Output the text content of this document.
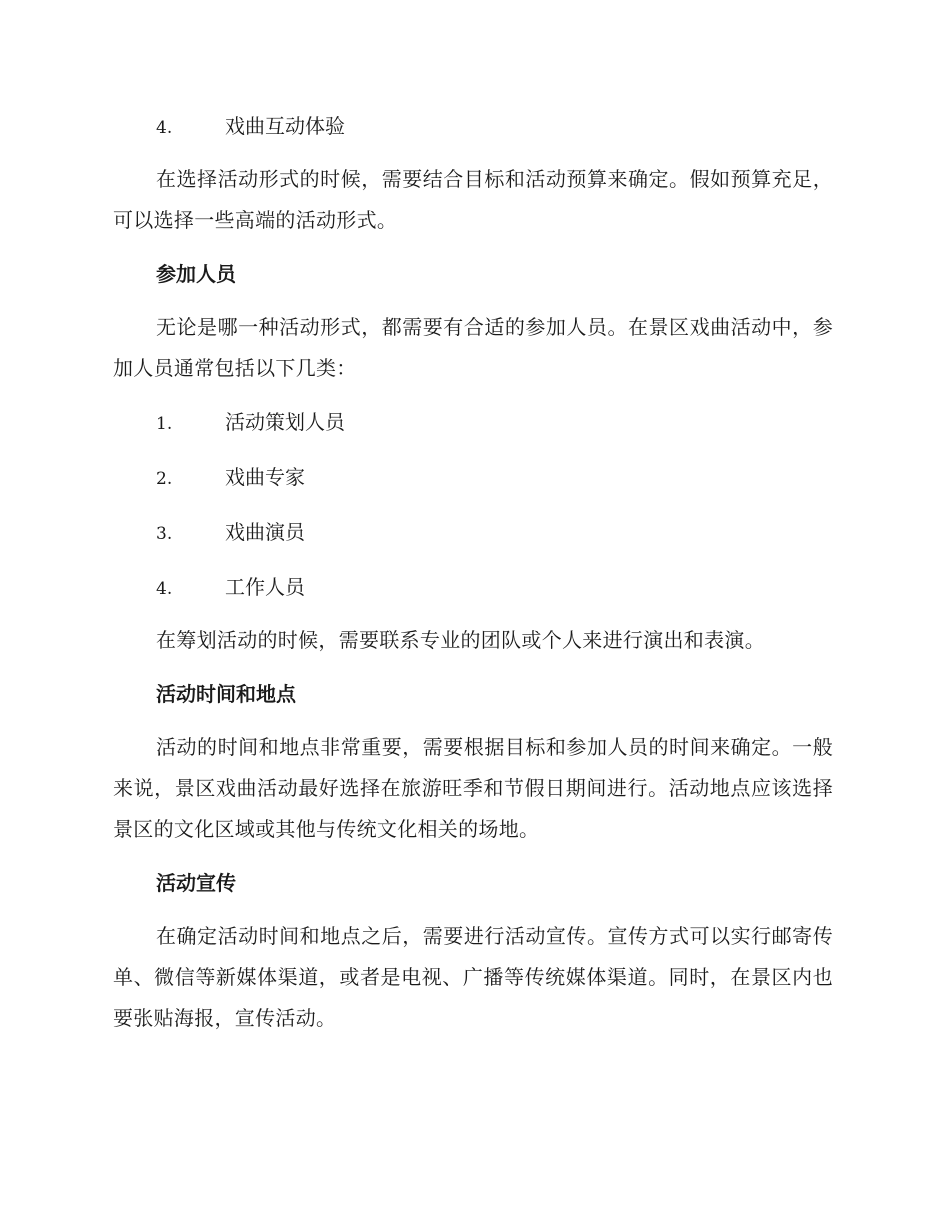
4.	戏曲互动体验

在选择活动形式的时候，需要结合目标和活动预算来确定。假如预算充足，可以选择一些高端的活动形式。

参加人员

无论是哪一种活动形式，都需要有合适的参加人员。在景区戏曲活动中，参加人员通常包括以下几类：

1.	活动策划人员
2.	戏曲专家
3.	戏曲演员
4.	工作人员

在筹划活动的时候，需要联系专业的团队或个人来进行演出和表演。

活动时间和地点

活动的时间和地点非常重要，需要根据目标和参加人员的时间来确定。一般来说，景区戏曲活动最好选择在旅游旺季和节假日期间进行。活动地点应该选择景区的文化区域或其他与传统文化相关的场地。

活动宣传

在确定活动时间和地点之后，需要进行活动宣传。宣传方式可以实行邮寄传单、微信等新媒体渠道，或者是电视、广播等传统媒体渠道。同时，在景区内也要张贴海报，宣传活动。
